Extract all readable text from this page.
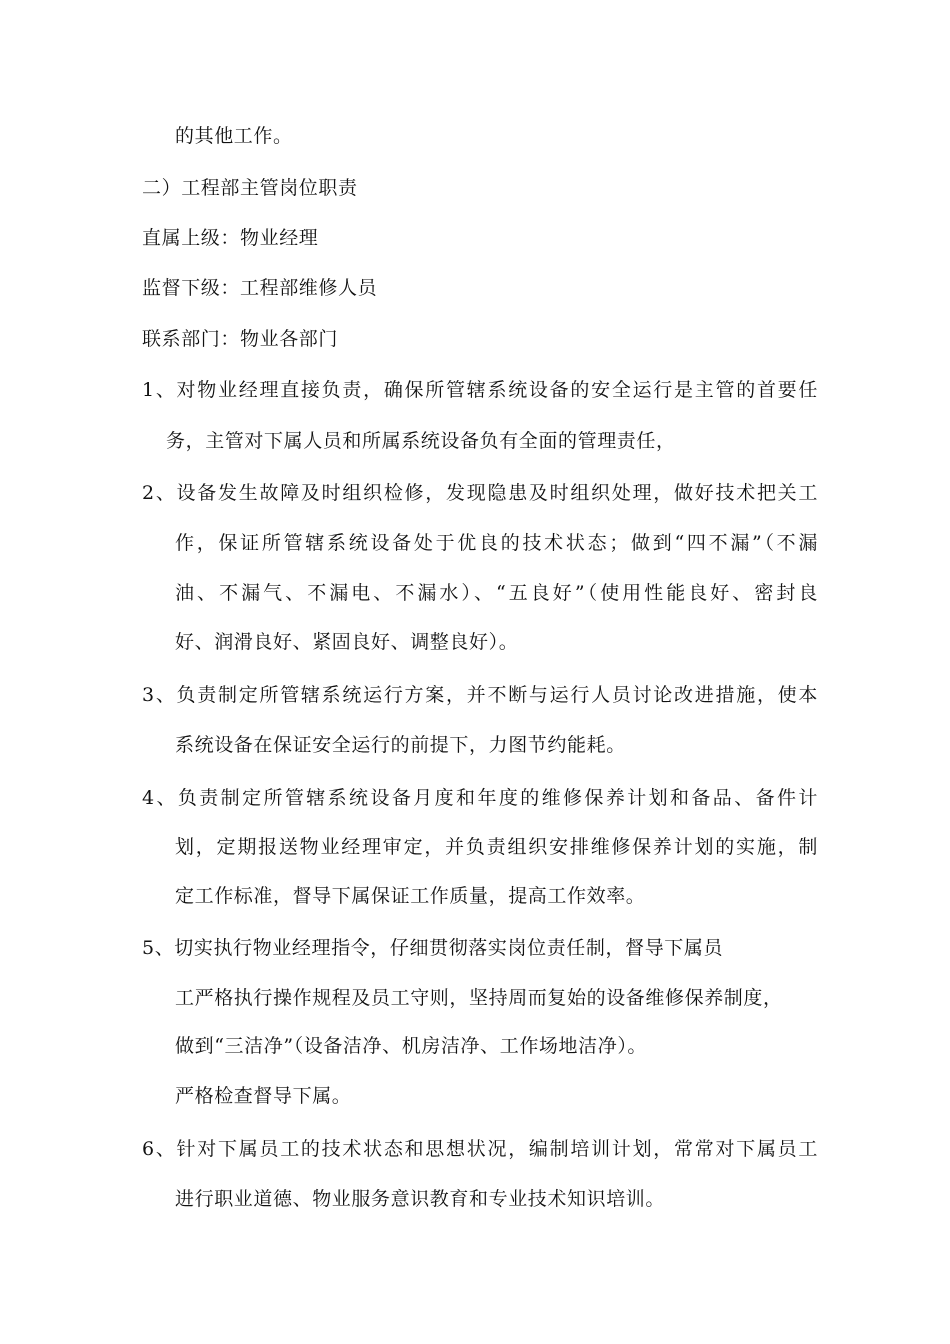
的其他工作。
二）工程部主管岗位职责
直属上级：物业经理
监督下级：工程部维修人员
联系部门：物业各部门
1、对物业经理直接负责，确保所管辖系统设备的安全运行是主管的首要任
务，主管对下属人员和所属系统设备负有全面的管理责任，
2、设备发生故障及时组织检修，发现隐患及时组织处理，做好技术把关工
作，保证所管辖系统设备处于优良的技术状态；做到“四不漏”（不漏
油、不漏气、不漏电、不漏水）、“五良好”（使用性能良好、密封良
好、润滑良好、紧固良好、调整良好）。
3、负责制定所管辖系统运行方案，并不断与运行人员讨论改进措施，使本
系统设备在保证安全运行的前提下，力图节约能耗。
4、负责制定所管辖系统设备月度和年度的维修保养计划和备品、备件计
划，定期报送物业经理审定，并负责组织安排维修保养计划的实施，制
定工作标准，督导下属保证工作质量，提高工作效率。
5、切实执行物业经理指令，仔细贯彻落实岗位责任制，督导下属员
工严格执行操作规程及员工守则，坚持周而复始的设备维修保养制度，
做到“三洁净”（设备洁净、机房洁净、工作场地洁净）。
严格检查督导下属。
6、针对下属员工的技术状态和思想状况，编制培训计划，常常对下属员工
进行职业道德、物业服务意识教育和专业技术知识培训。
